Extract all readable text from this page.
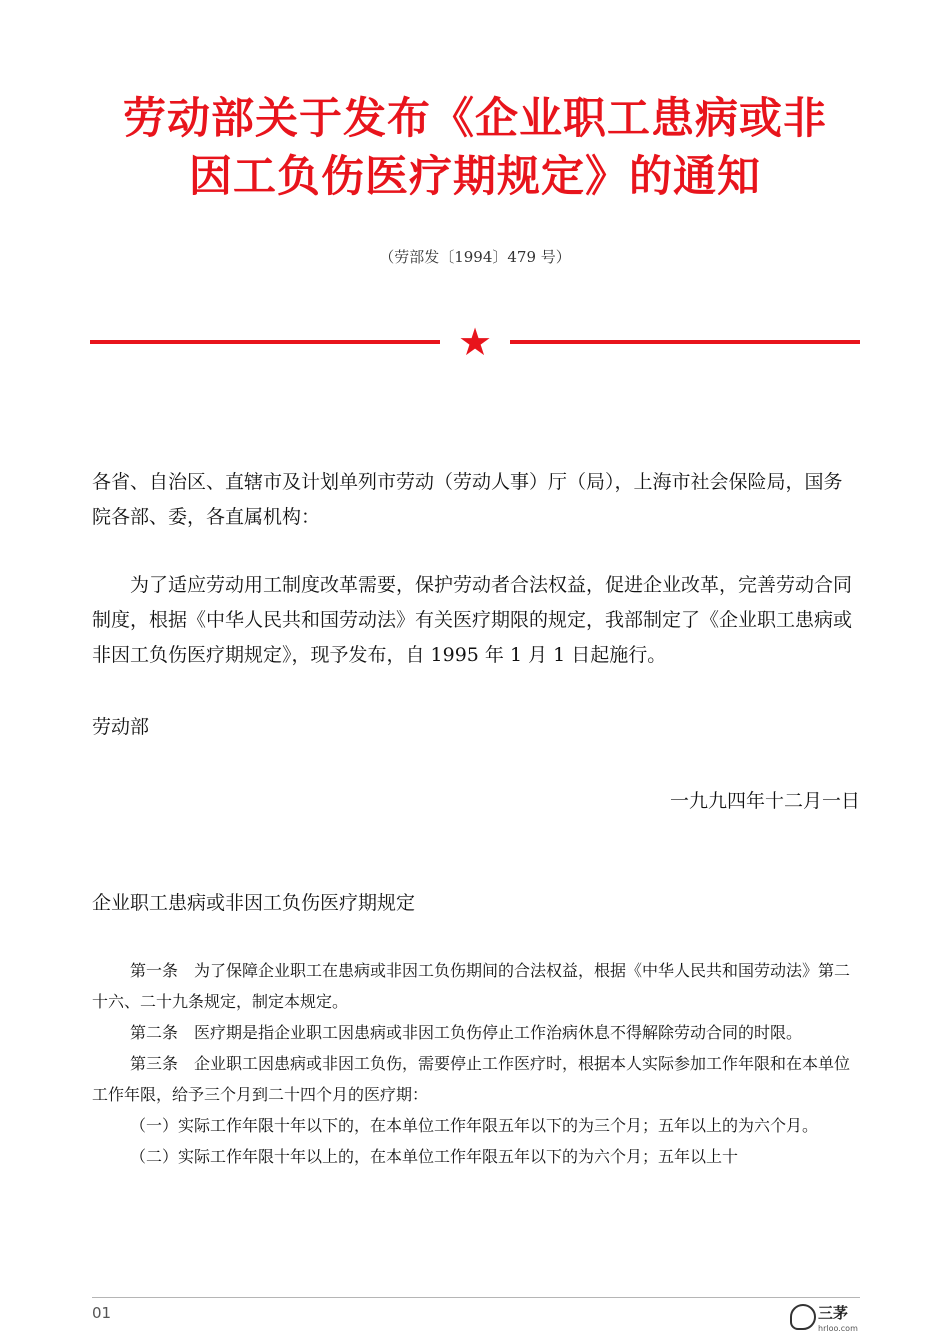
劳动部关于发布《企业职工患病或非
因工负伤医疗期规定》的通知
（劳部发〔1994〕479 号）
★

各省、自治区、直辖市及计划单列市劳动（劳动人事）厅（局），上海市社会保险局，国务院各部、委，各直属机构：

为了适应劳动用工制度改革需要，保护劳动者合法权益，促进企业改革，完善劳动合同制度，根据《中华人民共和国劳动法》有关医疗期限的规定，我部制定了《企业职工患病或非因工负伤医疗期规定》，现予发布，自 1995 年 1 月 1 日起施行。

劳动部

一九九四年十二月一日

企业职工患病或非因工负伤医疗期规定

第一条　为了保障企业职工在患病或非因工负伤期间的合法权益，根据《中华人民共和国劳动法》第二十六、二十九条规定，制定本规定。

第二条　医疗期是指企业职工因患病或非因工负伤停止工作治病休息不得解除劳动合同的时限。

第三条　企业职工因患病或非因工负伤，需要停止工作医疗时，根据本人实际参加工作年限和在本单位工作年限，给予三个月到二十四个月的医疗期：

（一）实际工作年限十年以下的，在本单位工作年限五年以下的为三个月；五年以上的为六个月。

（二）实际工作年限十年以上的，在本单位工作年限五年以下的为六个月；五年以上十

01	三茅
hrloo.com
